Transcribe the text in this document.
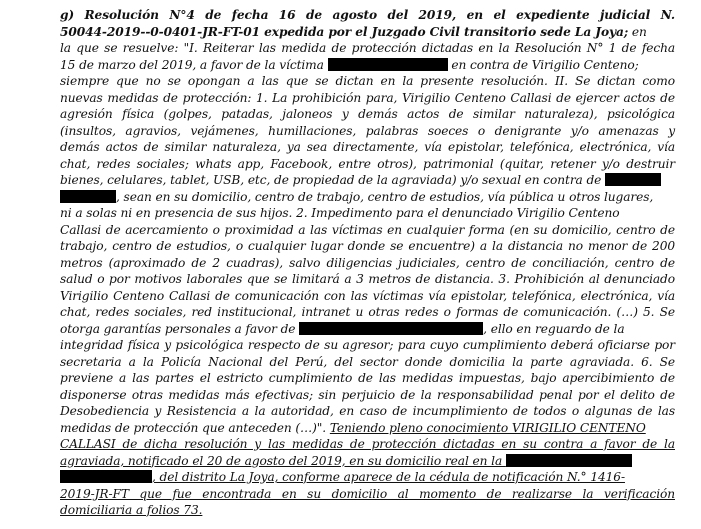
g) Resolución N°4 de fecha 16 de agosto del 2019, en el expediente judicial N.
50044-2019--0-0401-JR-FT-01 expedida por el Juzgado Civil transitorio sede La Joya; en
la que se resuelve: "I. Reiterar las medida de protección dictadas en la Resolución N° 1 de fecha
15 de marzo del 2019, a favor de la víctima	en contra de Virigilio Centeno;
siempre que no se opongan a las que se dictan en la presente resolución. II. Se dictan como
nuevas medidas de protección: 1. La prohibición para, Virigilio Centeno Callasi de ejercer actos de
agresión física (golpes, patadas, jaloneos y demás actos de similar naturaleza), psicológica
(insultos, agravios, vejámenes, humillaciones, palabras soeces o denigrante y/o amenazas y
demás actos de similar naturaleza, ya sea directamente, vía epistolar, telefónica, electrónica, vía
chat, redes sociales; whats app, Facebook, entre otros), patrimonial (quitar, retener y/o destruir
bienes, celulares, tablet, USB, etc, de propiedad de la agraviada) y/o sexual en contra de
, sean en su domicilio, centro de trabajo, centro de estudios, vía pública u otros lugares,
ni a solas ni en presencia de sus hijos. 2. Impedimento para el denunciado Virigilio Centeno
Callasi de acercamiento o proximidad a las víctimas en cualquier forma (en su domicilio, centro de
trabajo, centro de estudios, o cualquier lugar donde se encuentre) a la distancia no menor de 200
metros (aproximado de 2 cuadras), salvo diligencias judiciales, centro de conciliación, centro de
salud o por motivos laborales que se limitará a 3 metros de distancia. 3. Prohibición al denunciado
Virigilio Centeno Callasi de comunicación con las víctimas vía epistolar, telefónica, electrónica, vía
chat, redes sociales, red institucional, intranet u otras redes o formas de comunicación. (…) 5. Se
otorga garantías personales a favor de	, ello en reguardo de la
integridad física y psicológica respecto de su agresor; para cuyo cumplimiento deberá oficiarse por
secretaria a la Policía Nacional del Perú, del sector donde domicilia la parte agraviada. 6. Se
previene a las partes el estricto cumplimiento de las medidas impuestas, bajo apercibimiento de
disponerse otras medidas más efectivas; sin perjuicio de la responsabilidad penal por el delito de
Desobediencia y Resistencia a la autoridad, en caso de incumplimiento de todos o algunas de las
medidas de protección que anteceden (…)". Teniendo pleno conocimiento VIRIGILIO CENTENO
CALLASI de dicha resolución y las medidas de protección dictadas en su contra a favor de la
agraviada, notificado el 20 de agosto del 2019, en su domicilio real en la
, del distrito La Joya, conforme aparece de la cédula de notificación N.° 1416-
2019-JR-FT que fue encontrada en su domicilio al momento de realizarse la verificación
domiciliaria a folios 73.
